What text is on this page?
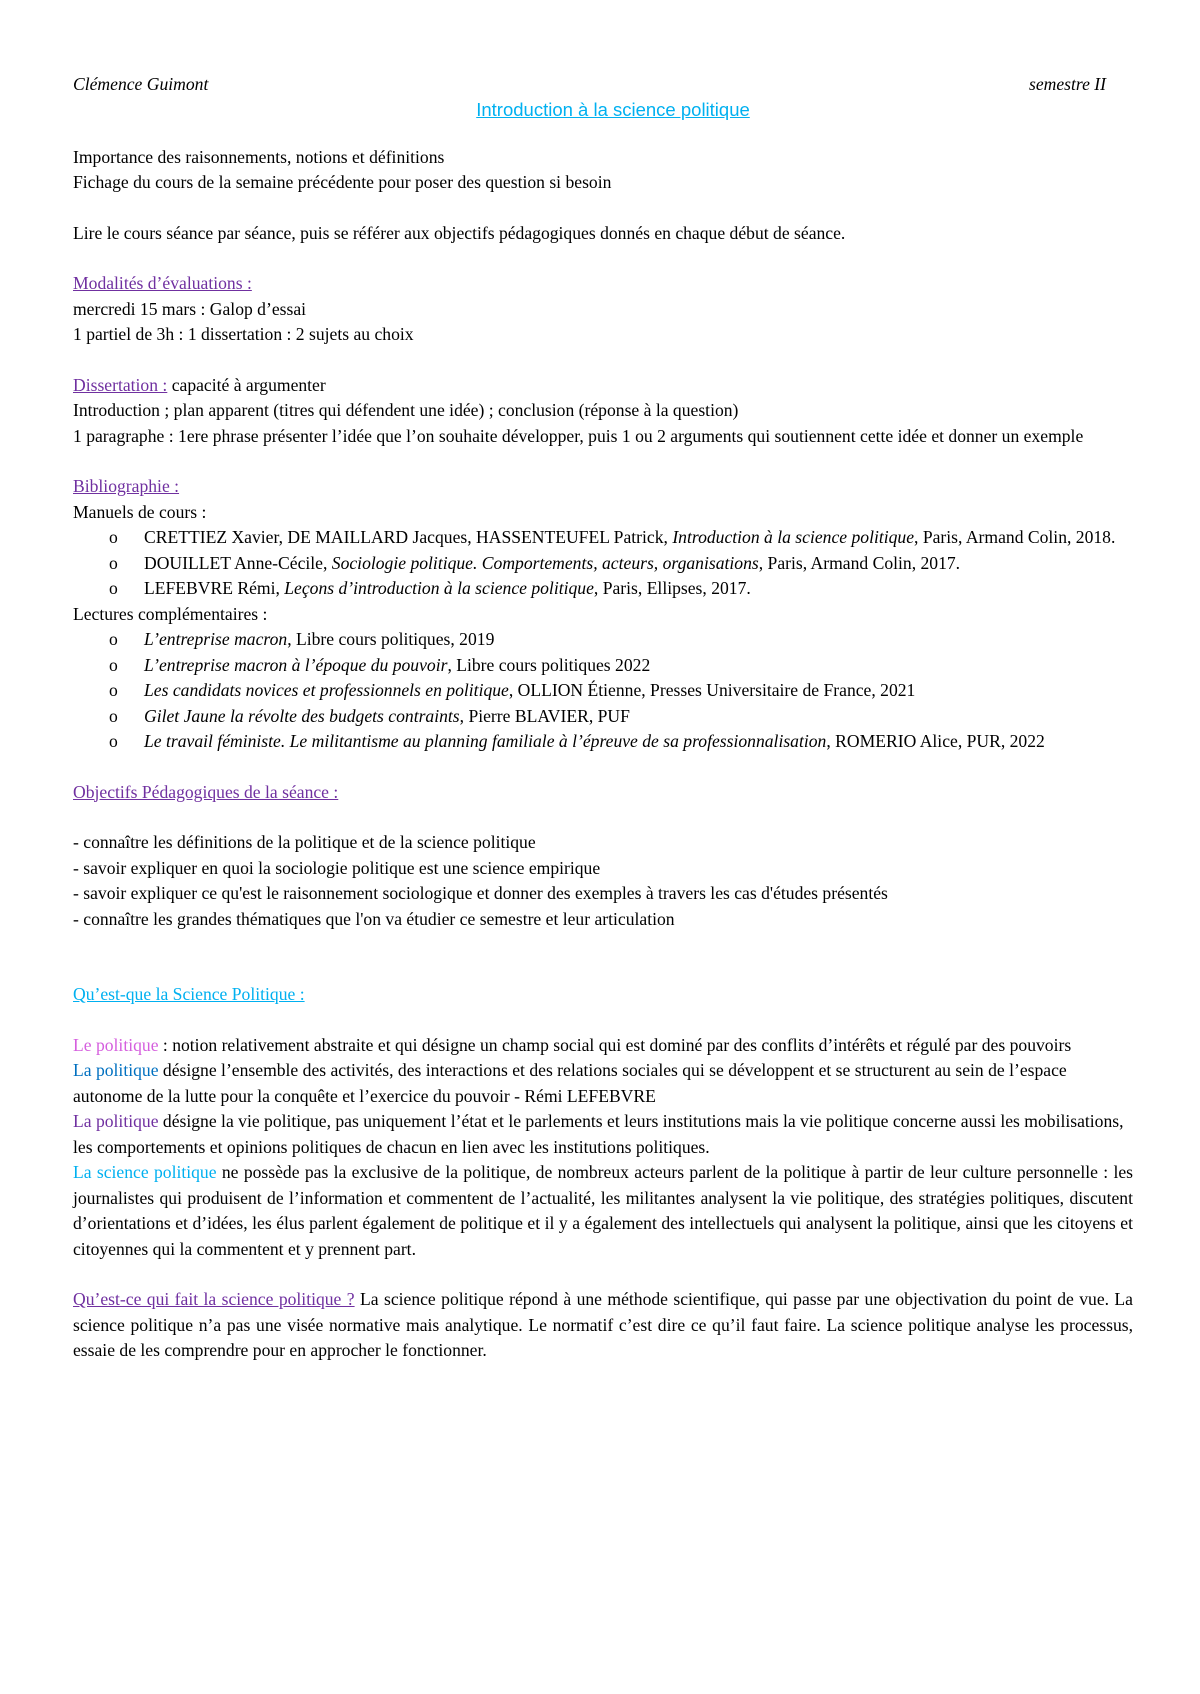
Clémence Guimont	semestre II
Introduction à la science politique

Importance des raisonnements, notions et définitions

Fichage du cours de la semaine précédente pour poser des question si besoin

Lire le cours séance par séance, puis se référer aux objectifs pédagogiques donnés en chaque début de séance.

Modalités d’évaluations :

mercredi 15 mars : Galop d’essai

1 partiel de 3h : 1 dissertation : 2 sujets au choix

Dissertation : capacité à argumenter

Introduction ; plan apparent (titres qui défendent une idée) ; conclusion (réponse à la question)

1 paragraphe : 1ere phrase présenter l’idée que l’on souhaite développer, puis 1 ou 2 arguments qui soutiennent cette idée et donner un exemple

Bibliographie :

Manuels de cours :

o CRETTIEZ Xavier, DE MAILLARD Jacques, HASSENTEUFEL Patrick, Introduction à la science politique, Paris, Armand Colin, 2018.
o DOUILLET Anne-Cécile, Sociologie politique. Comportements, acteurs, organisations, Paris, Armand Colin, 2017.
o LEFEBVRE Rémi, Leçons d’introduction à la science politique, Paris, Ellipses, 2017.

Lectures complémentaires :

o L’entreprise macron, Libre cours politiques, 2019
o L’entreprise macron à l’époque du pouvoir, Libre cours politiques 2022
o Les candidats novices et professionnels en politique, OLLION Étienne, Presses Universitaire de France, 2021
o Gilet Jaune la révolte des budgets contraints, Pierre BLAVIER, PUF
o Le travail féministe. Le militantisme au planning familiale à l’épreuve de sa professionnalisation, ROMERIO Alice, PUR, 2022

Objectifs Pédagogiques de la séance :

- connaître les définitions de la politique et de la science politique

- savoir expliquer en quoi la sociologie politique est une science empirique

- savoir expliquer ce qu'est le raisonnement sociologique et donner des exemples à travers les cas d'études présentés

- connaître les grandes thématiques que l'on va étudier ce semestre et leur articulation

Qu’est-que la Science Politique :

Le politique : notion relativement abstraite et qui désigne un champ social qui est dominé par des conflits d’intérêts et régulé par des pouvoirs

La politique désigne l’ensemble des activités, des interactions et des relations sociales qui se développent et se structurent au sein de l’espace autonome de la lutte pour la conquête et l’exercice du pouvoir - Rémi LEFEBVRE

La politique désigne la vie politique, pas uniquement l’état et le parlements et leurs institutions mais la vie politique concerne aussi les mobilisations, les comportements et opinions politiques de chacun en lien avec les institutions politiques.

La science politique ne possède pas la exclusive de la politique, de nombreux acteurs parlent de la politique à partir de leur culture personnelle : les journalistes qui produisent de l’information et commentent de l’actualité, les militantes analysent la vie politique, des stratégies politiques, discutent d’orientations et d’idées, les élus parlent également de politique et il y a également des intellectuels qui analysent la politique, ainsi que les citoyens et citoyennes qui la commentent et y prennent part.

Qu’est-ce qui fait la science politique ? La science politique répond à une méthode scientifique, qui passe par une objectivation du point de vue. La science politique n’a pas une visée normative mais analytique. Le normatif c’est dire ce qu’il faut faire. La science politique analyse les processus, essaie de les comprendre pour en approcher le fonctionner.
